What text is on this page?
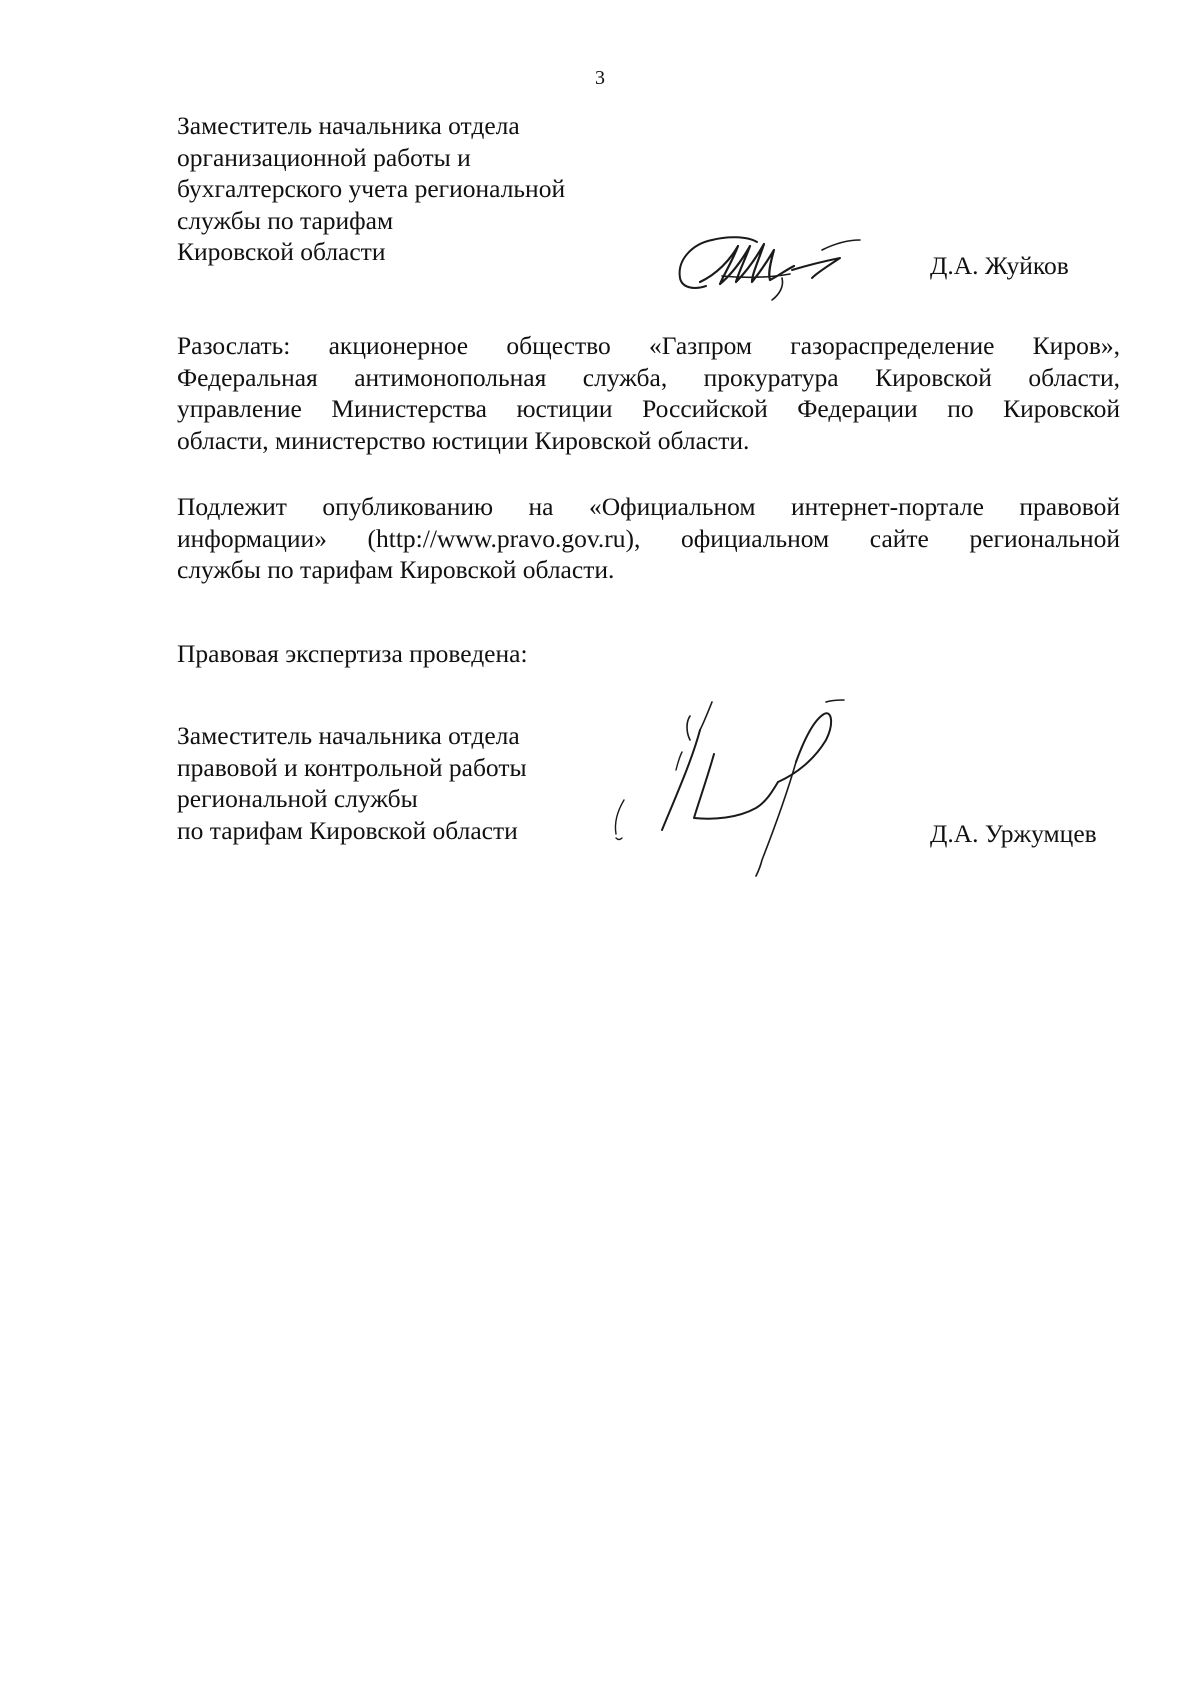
3
Заместитель начальника отдела
организационной работы и
бухгалтерского учета региональной
службы по тарифам
Кировской области	Д.А. Жуйков
Разослать: акционерное общество «Газпром газораспределение Киров»,
Федеральная антимонопольная служба, прокуратура Кировской области,
управление Министерства юстиции Российской Федерации по Кировской
области, министерство юстиции Кировской области.
Подлежит опубликованию на «Официальном интернет-портале правовой
информации» (http://www.pravo.gov.ru), официальном сайте региональной
службы по тарифам Кировской области.
Правовая экспертиза проведена:
Заместитель начальника отдела
правовой и контрольной работы
региональной службы
по тарифам Кировской области	Д.А. Уржумцев
